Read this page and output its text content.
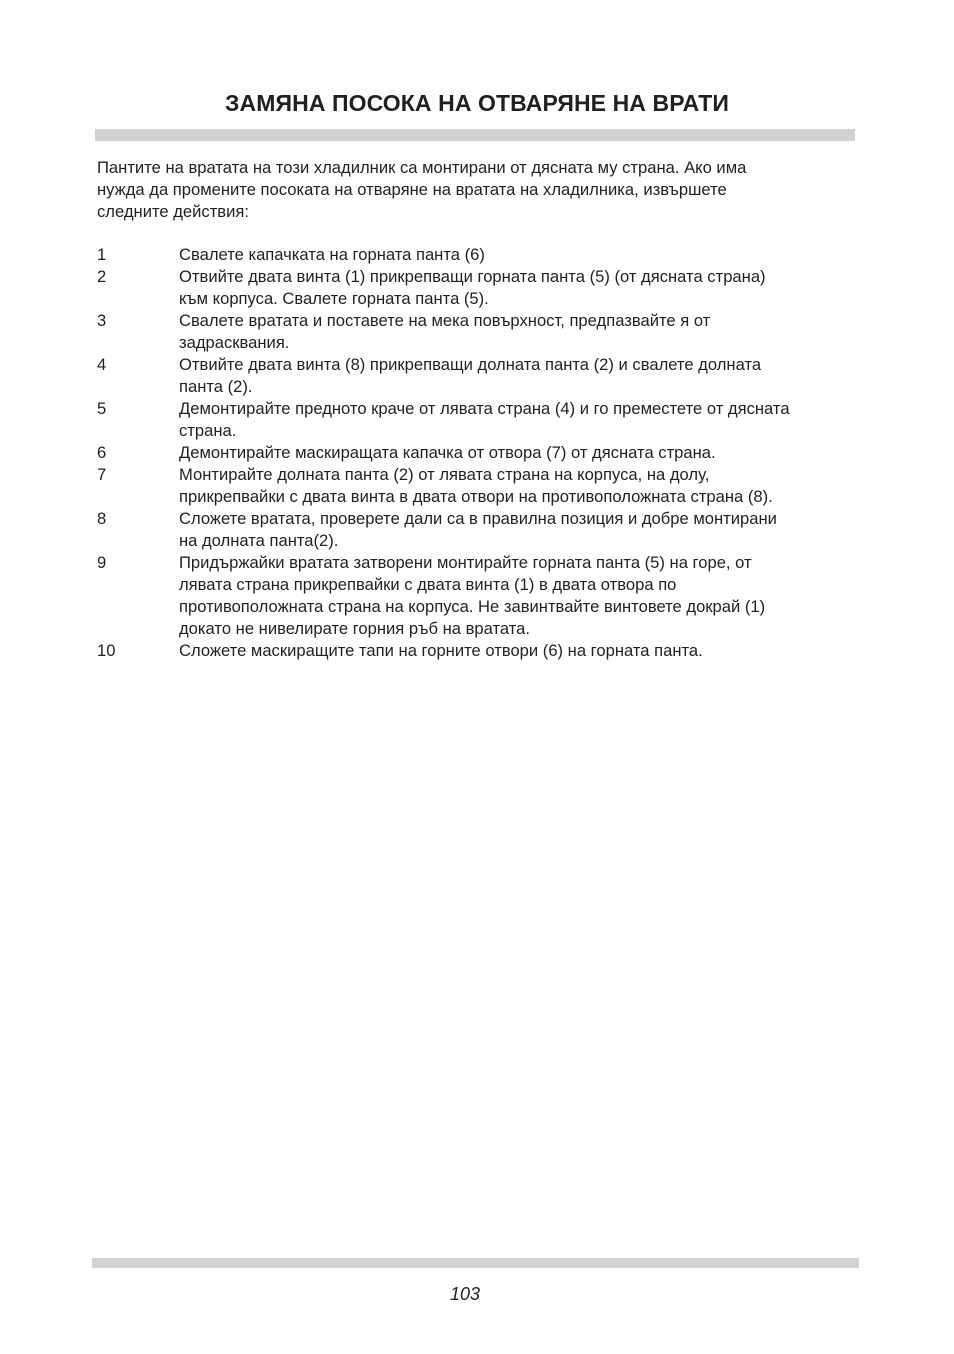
ЗАМЯНА ПОСОКА НА ОТВАРЯНЕ НА ВРАТИ

Пантите на вратата на този хладилник са монтирани от дясната му страна. Ако има
нужда да промените посоката на отваряне на вратата на хладилника, извършете
следните действия:

1	Свалете капачката на горната панта (6)
2	Отвийте двата винта (1) прикрепващи горната панта (5) (от дясната страна)
към корпуса. Свалете горната панта (5).
3	Свалете вратата и поставете на мека повърхност, предпазвайте я от
задрасквания.
4	Отвийте двата винта (8) прикрепващи долната панта (2) и свалете долната
панта (2).
5	Демонтирайте предното краче от лявата страна (4) и го преместете от дясната
страна.
6	Демонтирайте маскиращата капачка от отвора (7) от дясната страна.
7	Монтирайте долната панта (2) от лявата страна на корпуса, на долу,
прикрепвайки с двата винта в двата отвори на противоположната страна (8).
8	Сложете вратата, проверете дали са в правилна позиция и добре монтирани
на долната панта(2).
9	Придържайки вратата затворени монтирайте горната панта (5) на горе, от
лявата страна прикрепвайки с двата винта (1) в двата отвора по
противоположната страна на корпуса. Не завинтвайте винтовете докрай (1)
докато не нивелирате горния ръб на вратата.
10	Сложете маскиращите тапи на горните отвори (6) на горната панта.
103
